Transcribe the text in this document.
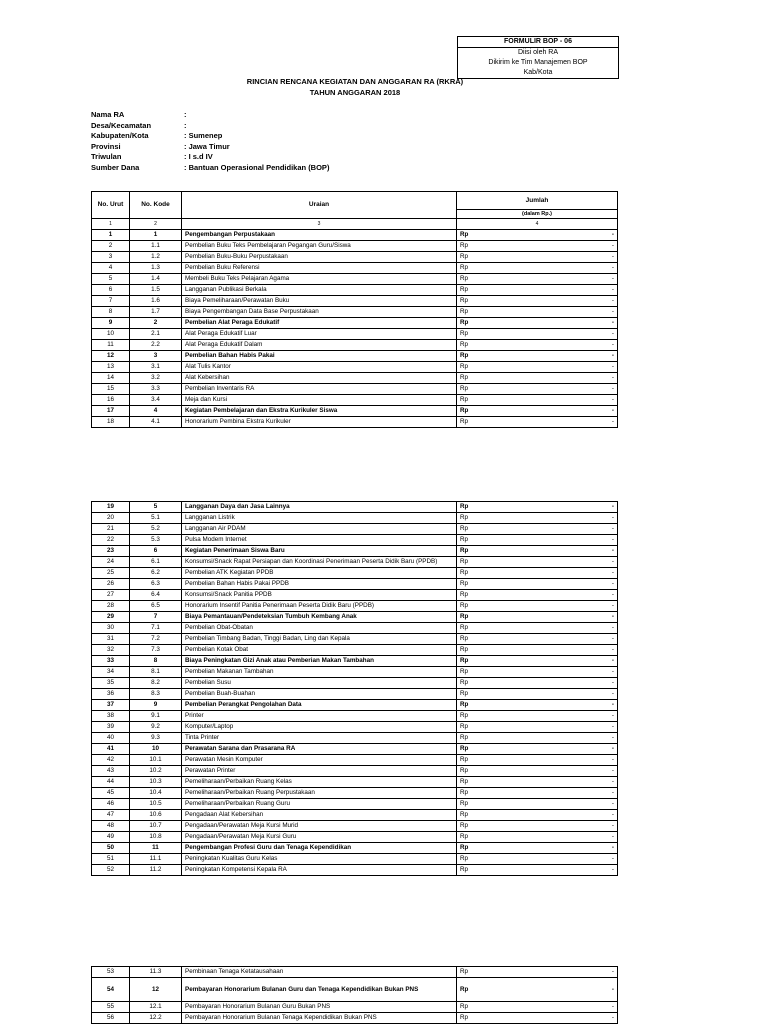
FORMULIR BOP - 06
Diisi oleh RA
Dikirim ke Tim Manajemen BOP
Kab/Kota
RINCIAN RENCANA KEGIATAN DAN ANGGARAN RA (RKRA)
TAHUN ANGGARAN 2018
Nama RA	:
Desa/Kecamatan	:
Kabupaten/Kota	: Sumenep
Provinsi	: Jawa Timur
Triwulan	: I s.d IV
Sumber Dana	: Bantuan Operasional Pendidikan (BOP)
No. Urut	No. Kode	Uraian	Jumlah	
			(dalam Rp.)	
1	2	3	4	
1	1	Pengembangan Perpustakaan	Rp	-
2	1.1	Pembelian Buku Teks Pembelajaran Pegangan Guru/Siswa	Rp	-
3	1.2	Pembelian Buku-Buku Perpustakaan	Rp	-
4	1.3	Pembelian Buku Referensi	Rp	-
5	1.4	Membeli Buku Teks Pelajaran Agama	Rp	-
6	1.5	Langganan Publikasi Berkala	Rp	-
7	1.6	Biaya Pemeliharaan/Perawatan Buku	Rp	-
8	1.7	Biaya Pengembangan Data Base Perpustakaan	Rp	-
9	2	Pembelian Alat Peraga Edukatif	Rp	-
10	2.1	Alat Peraga Edukatif Luar	Rp	-
11	2.2	Alat Peraga Edukatif Dalam	Rp	-
12	3	Pembelian Bahan Habis Pakai	Rp	-
13	3.1	Alat Tulis Kantor	Rp	-
14	3.2	Alat Kebersihan	Rp	-
15	3.3	Pembelian Inventaris RA	Rp	-
16	3.4	Meja dan Kursi	Rp	-
17	4	Kegiatan Pembelajaran dan Ekstra Kurikuler Siswa	Rp	-
18	4.1	Honorarium Pembina Ekstra Kurikuler	Rp	-
19	5	Langganan Daya dan Jasa Lainnya	Rp	-
20	5.1	Langganan Listrik	Rp	-
21	5.2	Langganan Air PDAM	Rp	-
22	5.3	Pulsa Modem Internet	Rp	-
23	6	Kegiatan Penerimaan Siswa Baru	Rp	-
24	6.1	Konsumsi/Snack Rapat Persiapan dan Koordinasi Penerimaan Peserta Didik Baru (PPDB)	Rp	-
25	6.2	Pembelian ATK Kegiatan PPDB	Rp	-
26	6.3	Pembelian Bahan Habis Pakai PPDB	Rp	-
27	6.4	Konsumsi/Snack Panitia PPDB	Rp	-
28	6.5	Honorarium Insentif Panitia Penerimaan Peserta Didik Baru (PPDB)	Rp	-
29	7	Biaya Pemantauan/Pendeteksian Tumbuh Kembang Anak	Rp	-
30	7.1	Pembelian Obat-Obatan	Rp	-
31	7.2	Pembelian Timbang Badan, Tinggi Badan, Ling dan Kepala	Rp	-
32	7.3	Pembelian Kotak Obat	Rp	-
33	8	Biaya Peningkatan Gizi Anak atau Pemberian Makan Tambahan	Rp	-
34	8.1	Pembelian Makanan Tambahan	Rp	-
35	8.2	Pembelian Susu	Rp	-
36	8.3	Pembelian Buah-Buahan	Rp	-
37	9	Pembelian Perangkat Pengolahan Data	Rp	-
38	9.1	Printer	Rp	-
39	9.2	Komputer/Laptop	Rp	-
40	9.3	Tinta Printer	Rp	-
41	10	Perawatan Sarana dan Prasarana RA	Rp	-
42	10.1	Perawatan Mesin Komputer	Rp	-
43	10.2	Perawatan Printer	Rp	-
44	10.3	Pemeliharaan/Perbaikan Ruang Kelas	Rp	-
45	10.4	Pemeliharaan/Perbaikan Ruang Perpustakaan	Rp	-
46	10.5	Pemeliharaan/Perbaikan Ruang Guru	Rp	-
47	10.6	Pengadaan Alat Kebersihan	Rp	-
48	10.7	Pengadaan/Perawatan Meja Kursi Murid	Rp	-
49	10.8	Pengadaan/Perawatan Meja Kursi Guru	Rp	-
50	11	Pengembangan Profesi Guru dan Tenaga Kependidikan	Rp	-
51	11.1	Peningkatan Kualitas Guru Kelas	Rp	-
52	11.2	Peningkatan Kompetensi Kepala RA	Rp	-
53	11.3	Pembinaan Tenaga Ketatausahaan	Rp	-
54	12	Pembayaran Honorarium Bulanan Guru dan Tenaga Kependidikan Bukan PNS	Rp	-
55	12.1	Pembayaran Honorarium Bulanan Guru Bukan PNS	Rp	-
56	12.2	Pembayaran Honorarium Bulanan Tenaga Kependidikan Bukan PNS	Rp	-
